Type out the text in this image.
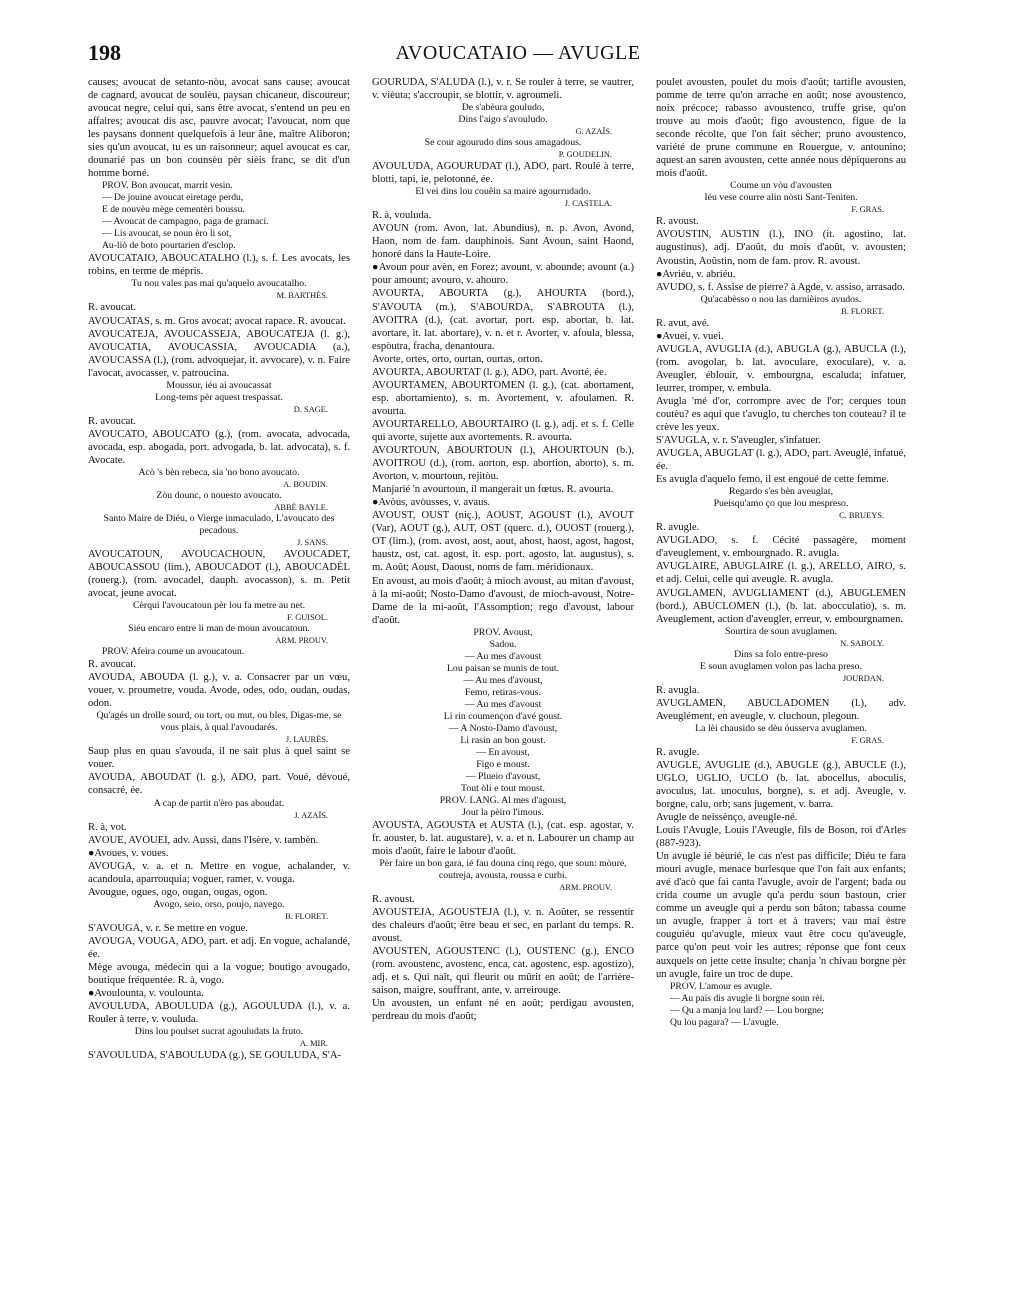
198	AVOUCATAIO — AVUGLE

causes; avoucat de setanto-nòu, avocat sans cause; avoucat de cagnard, avoucat de soulèu, paysan chicaneur, discoureur; avoucat negre, celui qui, sans être avocat, s'entend un peu en affaires; avoucat dis asc, pauvre avocat; l'avoucat, nom que les paysans donnent quelquefois à leur âne, maître Aliboron; sies qu'un avoucat, tu es un raisonneur; aquel avoucat es car, dounarié pas un bon counsèu pèr sièis franc, se dit d'un homme borné.

PROV. Bon avoucat, marrit vesin.

— De jouine avoucat eiretage perdu,

E de nouvèu mège cementèri boussu.

— Avoucat de campagno, paga de gramaci.

— Lis avoucat, se noun èro li sot,

Au-liò de boto pourtarien d'esclop.

AVOUCATAIO, ABOUCATALHO (l.), s. f. Les avocats, les robins, en terme de mépris.

Tu nou vales pas mai qu'aquelo avoucatalho.

M. BARTHÉS.

R. avoucat.

AVOUCATAS, s. m. Gros avocat; avocat rapace. R. avoucat.

AVOUCATEJA, AVOUCASSEJA, ABOUCATEJA (l. g.), AVOUCATIA, AVOUCASSIA, AVOUCADIA (a.), AVOUCASSA (l.), (rom. advoquejar, it. avvocare), v. n. Faire l'avocat, avocasser, v. patroucina.

Moussur, iéu ai avoucassat

Long-tems pèr aquest trespassat.

D. SAGE.

R. avoucat.

AVOUCATO, ABOUCATO (g.), (rom. avocata, advocada, avocada, esp. abogada, port. advogada, b. lat. advocata), s. f. Avocate.

Acò 's bèn rebeca, sia 'no bono avoucato.

A. BOUDIN.

Zòu dounc, o nouesto avoucato.

ABBÉ BAYLE.

Santo Maire de Diéu, o Vierge inmaculado, L'avoucato des pecadous.

J. SANS.

AVOUCATOUN, AVOUCACHOUN, AVOUCADET, ABOUCASSOU (lim.), ABOUCADOT (l.), ABOUCADÈL (rouerg.), (rom. avocadel, dauph. avocasson), s. m. Petit avocat, jeune avocat.

Cèrqui l'avoucatoun pèr lou fa metre au net.

F. GUISOL.

Siéu encaro entre li man de moun avoucatoun.

ARM. PROUV.

PROV. Afeira coume un avoucatoun.

R. avoucat.

AVOUDA, ABOUDA (l. g.), v. a. Consacrer par un vœu, vouer, v. proumetre, vouda. Avode, odes, odo, oudan, oudas, odon.

Qu'agés un drolle sourd, ou tort, ou mut, ou bles, Digas-me, se vous plais, à qual l'avoudarés.

J. LAURÈS.

Saup plus en quau s'avouda, il ne sait plus à quel saint se vouer.

AVOUDA, ABOUDAT (l. g.), ADO, part. Voué, dévoué, consacré, ée.

A cap de partit n'èro pas aboudat.

J. AZAÏS.

R. à, vot.

AVOUE, AVOUEI, adv. Aussi, dans l'Isère, v. tambèn.

●Avoues, v. voues.

AVOUGA, v. a. et n. Mettre en vogue, achalander, v. acandoula, aparrouquia; voguer, ramer, v. vouga.

Avougue, ogues, ogo, ougan, ougas, ogon.

Avogo, seio, orso, poujo, navego.

B. FLORET.

S'AVOUGA, v. r. Se mettre en vogue.

AVOUGA, VOUGA, ADO, part. et adj. En vogue, achalandé, ée.

Mège avouga, médecin qui a la vogue; boutigo avougado, boutique fréquentée. R. à, vogo.

●Avoulounta, v. voulounta.

AVOULUDA, ABOULUDA (g.), AGOULUDA (l.), v. a. Rouler à terre, v. vouluda.

Dins lou poulset sucrat agouludats la fruto.

A. MIR.

S'AVOULUDA, S'ABOULUDA (g.), SE GOULUDA, S'A-

GOURUDA, S'ALUDA (l.), v. r. Se rouler à terre, se vautrer, v. vièuta; s'accroupir, se blottir, v. agroumeli.

De s'abèura gouludo,

Dins l'aigo s'avouludo.

G. AZAÏS.

Se cour agourudo dins sous amagadous.

P. GOUDELIN.

AVOULUDA, AGOURUDAT (l.), ADO, part. Roulé à terre, blotti, tapi, ie, pelotonné, ée.

El vei dins lou couêin sa maire agourrudado.

J. CASTELA.

R. à, vouluda.

AVOUN (rom. Avon, lat. Abundius), n. p. Avon, Avond, Haon, nom de fam. dauphinois. Sant Avoun, saint Haond, honoré dans la Haute-Loire.

●Avoun pour avèn, en Forez; avount, v. abounde; avount (a.) pour amount; avouro, v. ahouro.

AVOURTA, ABOURTA (g.), AHOURTA (bord.), S'AVOUTA (m.), S'ABOURDA, S'ABROUTA (l.), AVOITRA (d.), (cat. avortar, port. esp. abortar, b. lat. avortare, it. lat. abortare), v. n. et r. Avorter, v. afoula, blessa, espòutra, fracha, denantoura.

Avorte, ortes, orto, ourtan, ourtas, orton.

AVOURTA, ABOURTAT (l. g.), ADO, part. Avorté, ée.

AVOURTAMEN, ABOURTOMEN (l. g.), (cat. abortament, esp. abortamiento), s. m. Avortement, v. afoulamen. R. avourta.

AVOURTARELLO, ABOURTAIRO (l. g.), adj. et s. f. Celle qui avorte, sujette aux avortements. R. avourta.

AVOURTOUN, ABOURTOUN (l.), AHOURTOUN (b.), AVOITROU (d.), (rom. aorton, esp. abortion, aborto), s. m. Avorton, v. mourtoun, rejitòu.

Manjarié 'n avourtoun, il mangerait un fœtus. R. avourta.

●Avòus, avòusses, v. avaus.

AVOUST, OUST (niç.), AOUST, AGOUST (l.), AVOUT (Var), AOUT (g.), AUT, OST (querc. d.), OUOST (rouerg.), OT (lim.), (rom. avost, aost, aout, ahost, haost, agost, hagost, haustz, ost, cat. agost, it. esp. port. agosto, lat. augustus), s. m. Août; Aoust, Daoust, noms de fam. méridionaux.

En avoust, au mois d'août; à mioch avoust, au mitan d'avoust, à la mi-août; Nosto-Damo d'avoust, de mioch-avoust, Notre-Dame de la mi-août, l'Assomption; rego d'avoust, labour d'août.

PROV. Avoust,

Sadou.

— Au mes d'avoust

Lou paisan se munis de tout.

— Au mes d'avoust,

Femo, retiras-vous.

— Au mes d'avoust

Li rin coumençon d'avé goust.

— A Nosto-Damo d'avoust,

Li rasin an bon goust.

— En avoust,

Figo e moust.

— Plueio d'avoust,

Tout òli e tout moust.

PROV. LANG. Al mes d'agoust,

Jout la pèiro l'imous.

AVOUSTA, AGOUSTA et AUSTA (l.), (cat. esp. agostar, v. fr. aouster, b. lat. augustare), v. a. et n. Labourer un champ au mois d'août, faire le labour d'août.

Pèr faire un bon gara, ié fau douna cinq rego, que soun: mòure, coutreja, avousta, roussa e curbi.

ARM. PROUV.

R. avoust.

AVOUSTEJA, AGOUSTEJA (l.), v. n. Aoûter, se ressentir des chaleurs d'août; être beau et sec, en parlant du temps. R. avoust.

AVOUSTEN, AGOUSTENC (l.), OUSTENC (g.), ENCO (rom. avoustenc, avostenc, enca, cat. agostenc, esp. agostizo), adj. et s. Qui naît, qui fleurit ou mûrit en août; de l'arrière-saison, maigre, souffrant, ante, v. arreirouge.

Un avousten, un enfant né en août; perdigau avousten, perdreau du mois d'août;

poulet avousten, poulet du mois d'août; tartifle avousten, pomme de terre qu'on arrache en août; nose avoustenco, noix précoce; rabasso avoustenco, truffe grise, qu'on trouve au mois d'août; figo avoustenco, figue de la seconde récolte, que l'on fait sécher; pruno avoustenco, variété de prune commune en Rouergue, v. antounino; aquest an saren avousten, cette année nous dépiquerons au mois d'août.

Coume un vòu d'avousten

Iéu vese courre alin nòsti Sant-Teniten.

F. GRAS.

R. avoust.

AVOUSTIN, AUSTIN (l.), INO (it. agostino, lat. augustinus), adj. D'août, du mois d'août, v. avousten; Avoustin, Aoûstin, nom de fam. prov. R. avoust.

●Avriéu, v. abriéu.

AVUDO, s. f. Assise de pierre? à Agde, v. assiso, arrasado.

Qu'acabèsso o nou las darnièiros avudos.

B. FLORET.

R. avut, avé.

●Avuei, v. vuei.

AVUGLA, AVUGLIA (d.), ABUGLA (g.), ABUCLA (l.), (rom. avogolar, b. lat. avoculare, exoculare), v. a. Aveugler, éblouir, v. embourgna, escaluda; infatuer, leurrer, tromper, v. embula.

Avugla 'mé d'or, corrompre avec de l'or; cerques toun coutèu? es aqui que t'avuglo, tu cherches ton couteau? il te crève les yeux.

S'AVUGLA, v. r. S'aveugler, s'infatuer.

AVUGLA, ABUGLAT (l. g.), ADO, part. Aveuglé, infatué, ée.

Es avugla d'aquelo femo, il est engoué de cette femme.

Regardo s'es bèn aveuglat,

Pueisqu'amo ço que lou mespreso.

C. BRUEYS.

R. avugle.

AVUGLADO, s. f. Cécité passagère, moment d'aveuglement, v. embourgnado. R. avugla.

AVUGLAIRE, ABUGLAIRE (l. g.), ARELLO, AIRO, s. et adj. Celui, celle qui aveugle. R. avugla.

AVUGLAMEN, AVUGLIAMENT (d.), ABUGLEMEN (bord.), ABUCLOMEN (l.), (b. lat. abocculatio), s. m. Aveuglement, action d'aveugler, erreur, v. embourgnamen.

Sourtira de soun avuglamen.

N. SABOLY.

Dins sa folo entre-preso

E soun avuglamen volon pas lacha preso.

JOURDAN.

R. avugla.

AVUGLAMEN, ABUCLADOMEN (l.), adv. Aveuglément, en aveugle, v. cluchoun, plegoun.

La lèi chausido se dèu óusserva avuglamen.

F. GRAS.

R. avugle.

AVUGLE, AVUGLIE (d.), ABUGLE (g.), ABUCLE (l.), UGLO, UGLIO, UCLO (b. lat. abocellus, aboculis, avoculus, lat. unoculus, borgne), s. et adj. Aveugle, v. borgne, calu, orb; sans jugement, v. barra.

Avugle de neissènço, aveugle-né.

Louis l'Avugle, Louis l'Aveugle, fils de Boson, roi d'Arles (887-923).

Un avugle ié bèurié, le cas n'est pas difficile; Diéu te fara mouri avugle, menace burlesque que l'on fait aux enfants; avé d'acò que fai canta l'avugle, avoir de l'argent; bada ou crida coume un avugle qu'a perdu soun bastoun, crier comme un aveugle qui a perdu son bâton; tabassa coume un avugle, frapper à tort et à travers; vau mai èstre couguiéu qu'avugle, mieux vaut être cocu qu'aveugle, parce qu'on peut voir les autres; réponse que font ceux auxquels on jette cette insulte; chanja 'n chivau borgne pèr un avugle, faire un troc de dupe.

PROV. L'amour es avugle.

— Au païs dis avugle li borgne soun rèi.

— Qu a manja lou lard? — Lou borgne;

Qu lou pagara? — L'avugle.
